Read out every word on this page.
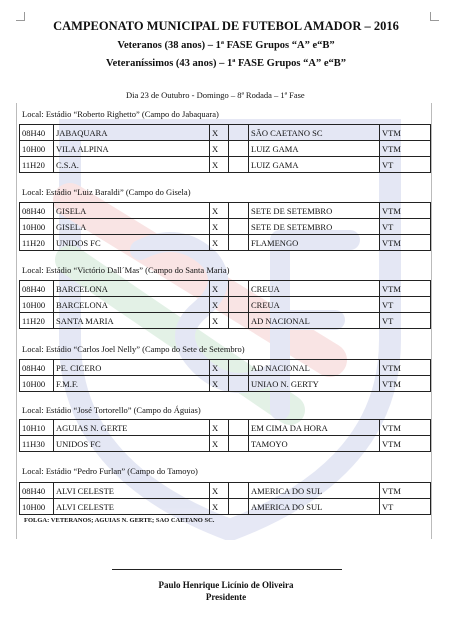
CAMPEONATO MUNICIPAL DE FUTEBOL AMADOR – 2016
Veteranos (38 anos) – 1ª FASE Grupos “A” e“B”
Veteraníssimos (43 anos) – 1ª FASE Grupos “A” e“B”
Dia 23 de Outubro - Domingo – 8ª Rodada – 1ª Fase
Local: Estádio “Roberto Righetto” (Campo do Jabaquara)
08H40	JABAQUARA	X		SÃO CAETANO SC	VTM
10H00	VILA ALPINA	X		LUIZ GAMA	VTM
11H20	C.S.A.	X		LUIZ GAMA	VT
Local: Estádio “Luiz Baraldi” (Campo do Gisela)
08H40	GISELA	X		SETE DE SETEMBRO	VTM
10H00	GISELA	X		SETE DE SETEMBRO	VT
11H20	UNIDOS FC	X		FLAMENGO	VTM
Local: Estádio “Victório Dall´Mas” (Campo do Santa Maria)
08H40	BARCELONA	X		CREUA	VTM
10H00	BARCELONA	X		CREUA	VT
11H20	SANTA MARIA	X		AD NACIONAL	VT
Local: Estádio “Carlos Joel Nelly” (Campo do Sete de Setembro)
08H40	PE. CICERO	X		AD NACIONAL	VTM
10H00	F.M.F.	X		UNIAO N. GERTY	VTM
Local: Estádio “José Tortorello” (Campo do Águias)
10H10	AGUIAS N. GERTE	X		EM CIMA DA HORA	VTM
11H30	UNIDOS FC	X		TAMOYO	VTM
Local: Estádio “Pedro Furlan” (Campo do Tamoyo)
08H40	ALVI CELESTE	X		AMERICA DO SUL	VTM
10H00	ALVI CELESTE	X		AMERICA DO SUL	VT
FOLGA: VETERANOS; AGUIAS N. GERTE; SAO CAETANO SC.
Paulo Henrique Licínio de Oliveira
Presidente
